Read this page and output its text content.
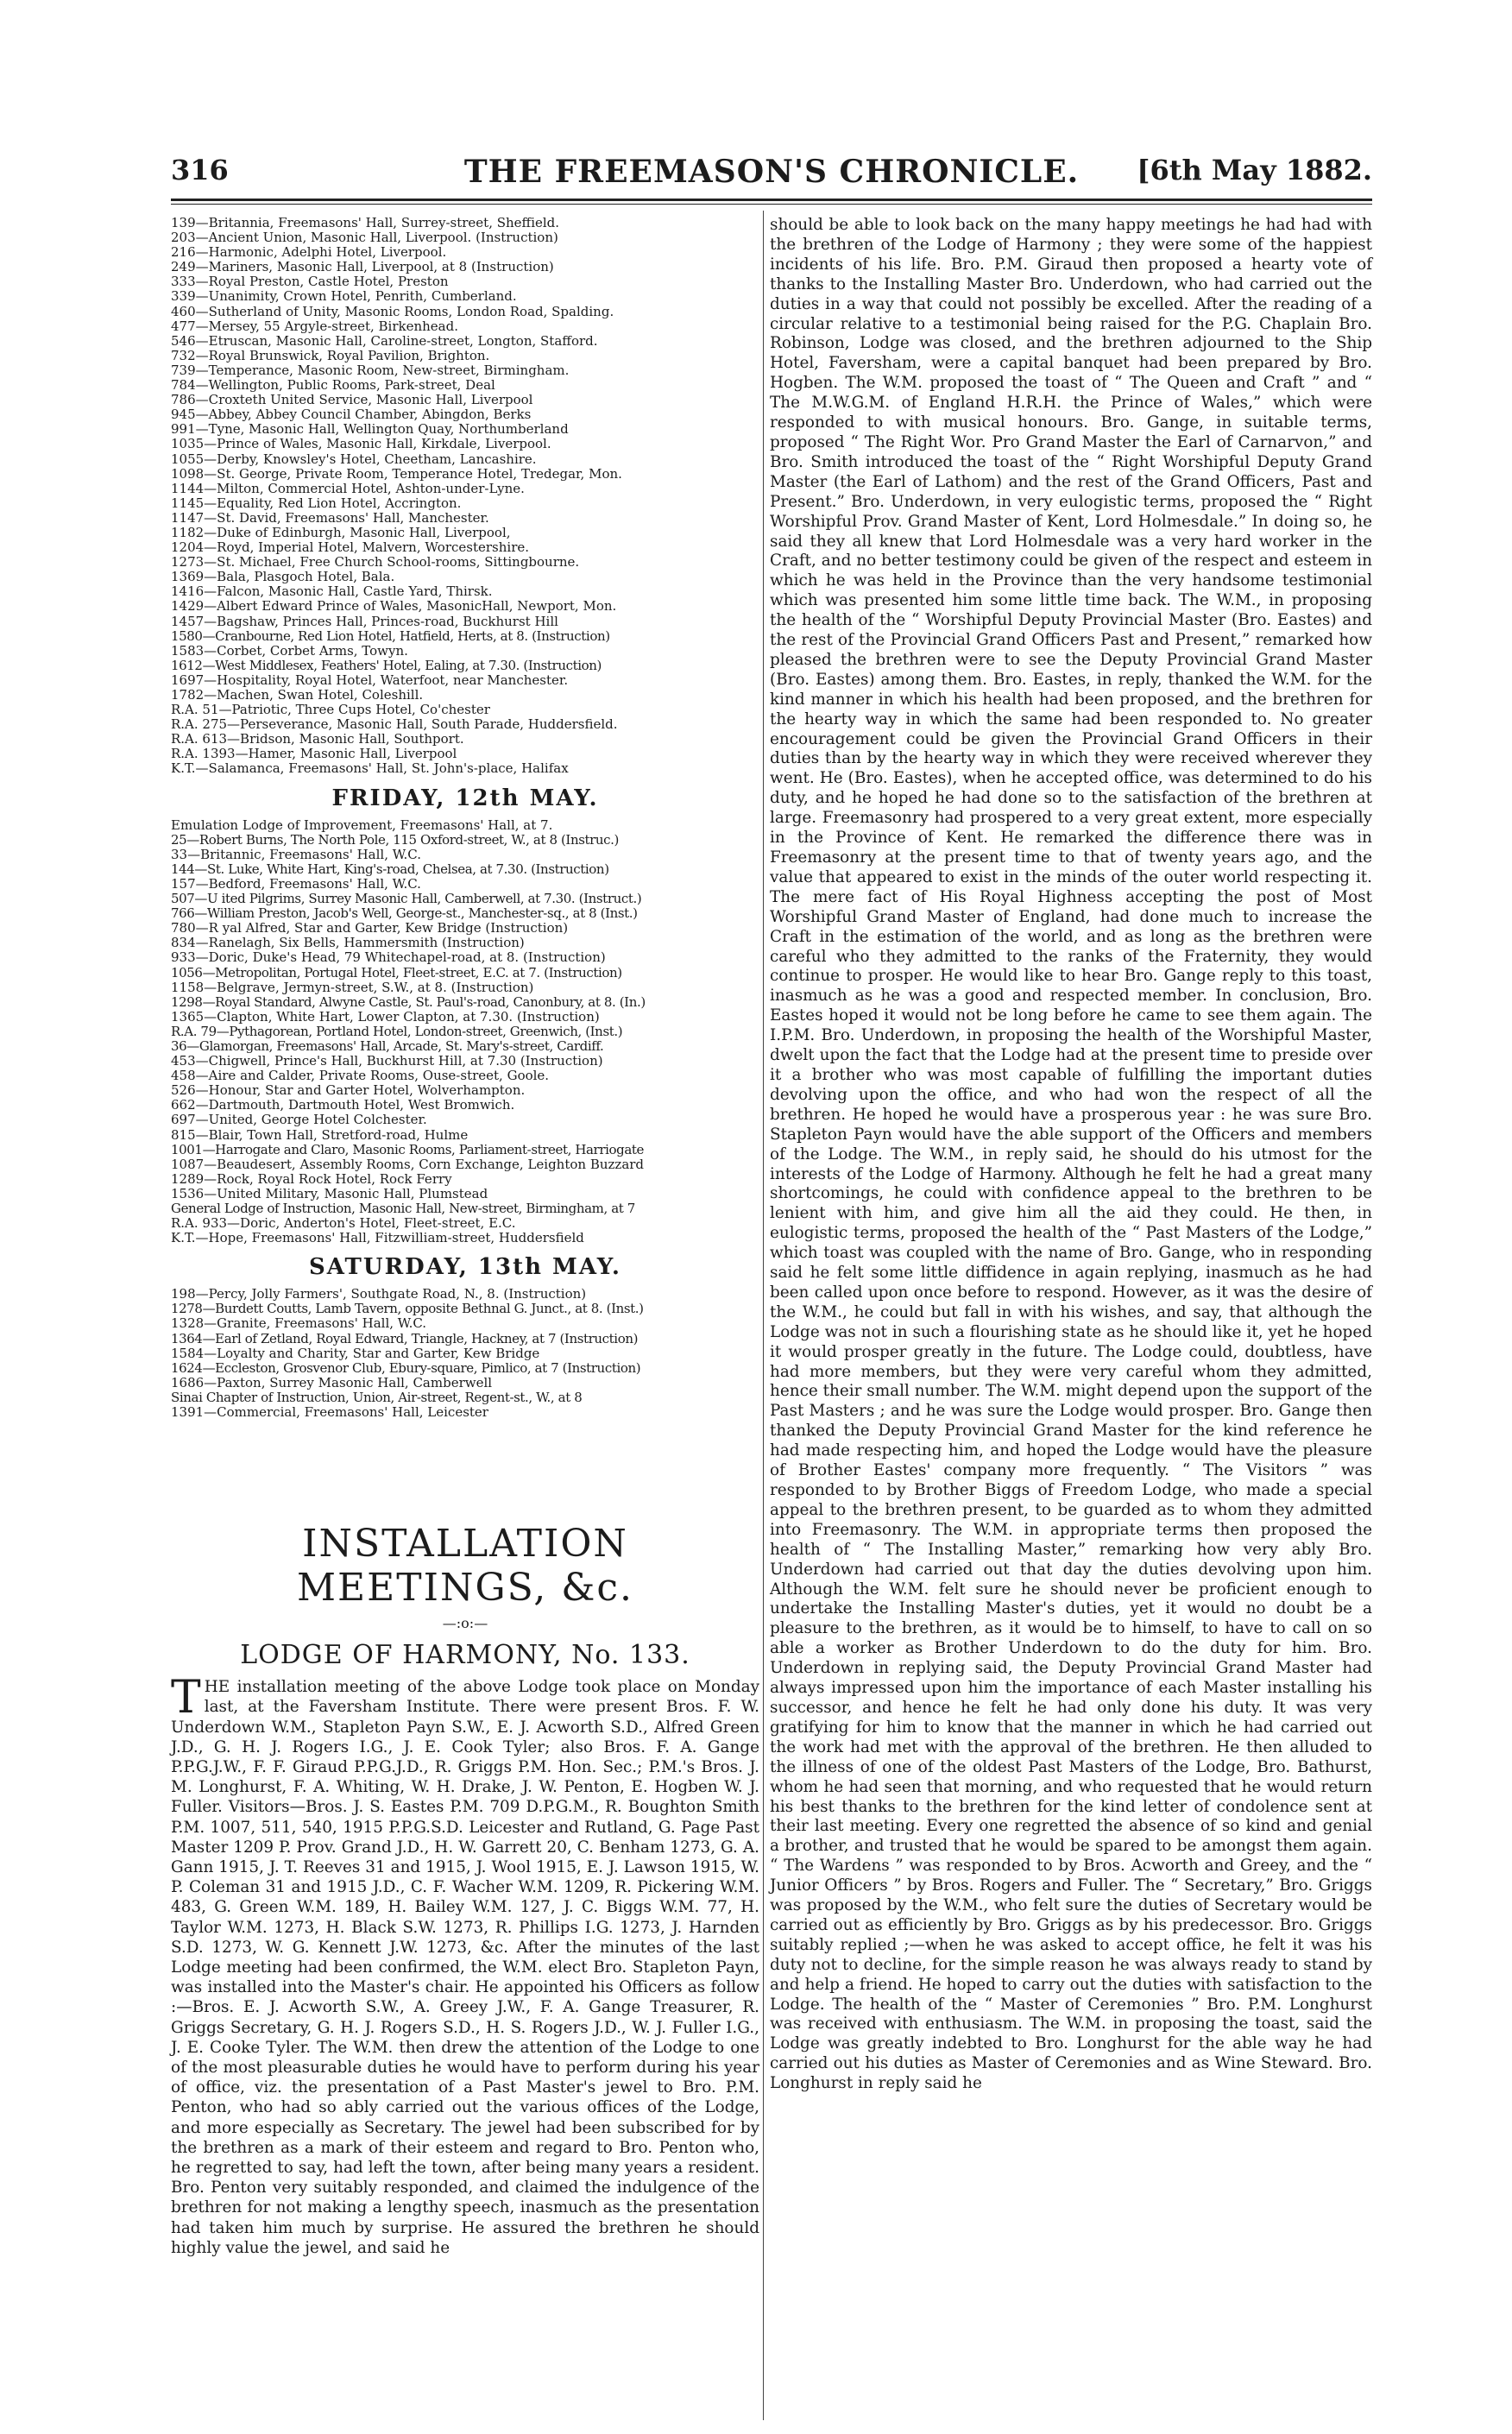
316	THE FREEMASON'S CHRONICLE.	[6th May 1882.
139—Britannia, Freemasons' Hall, Surrey-street, Sheffield.
203—Ancient Union, Masonic Hall, Liverpool. (Instruction)
216—Harmonic, Adelphi Hotel, Liverpool.
249—Mariners, Masonic Hall, Liverpool, at 8 (Instruction)
333—Royal Preston, Castle Hotel, Preston
339—Unanimity, Crown Hotel, Penrith, Cumberland.
460—Sutherland of Unity, Masonic Rooms, London Road, Spalding.
477—Mersey, 55 Argyle-street, Birkenhead.
546—Etruscan, Masonic Hall, Caroline-street, Longton, Stafford.
732—Royal Brunswick, Royal Pavilion, Brighton.
739—Temperance, Masonic Room, New-street, Birmingham.
784—Wellington, Public Rooms, Park-street, Deal
786—Croxteth United Service, Masonic Hall, Liverpool
945—Abbey, Abbey Council Chamber, Abingdon, Berks
991—Tyne, Masonic Hall, Wellington Quay, Northumberland
1035—Prince of Wales, Masonic Hall, Kirkdale, Liverpool.
1055—Derby, Knowsley's Hotel, Cheetham, Lancashire.
1098—St. George, Private Room, Temperance Hotel, Tredegar, Mon.
1144—Milton, Commercial Hotel, Ashton-under-Lyne.
1145—Equality, Red Lion Hotel, Accrington.
1147—St. David, Freemasons' Hall, Manchester.
1182—Duke of Edinburgh, Masonic Hall, Liverpool,
1204—Royd, Imperial Hotel, Malvern, Worcestershire.
1273—St. Michael, Free Church School-rooms, Sittingbourne.
1369—Bala, Plasgoch Hotel, Bala.
1416—Falcon, Masonic Hall, Castle Yard, Thirsk.
1429—Albert Edward Prince of Wales, MasonicHall, Newport, Mon.
1457—Bagshaw, Princes Hall, Princes-road, Buckhurst Hill
1580—Cranbourne, Red Lion Hotel, Hatfield, Herts, at 8. (Instruction)
1583—Corbet, Corbet Arms, Towyn.
1612—West Middlesex, Feathers' Hotel, Ealing, at 7.30. (Instruction)
1697—Hospitality, Royal Hotel, Waterfoot, near Manchester.
1782—Machen, Swan Hotel, Coleshill.
R.A. 51—Patriotic, Three Cups Hotel, Co'chester
R.A. 275—Perseverance, Masonic Hall, South Parade, Huddersfield.
R.A. 613—Bridson, Masonic Hall, Southport.
R.A. 1393—Hamer, Masonic Hall, Liverpool
K.T.—Salamanca, Freemasons' Hall, St. John's-place, Halifax
FRIDAY, 12th MAY.
Emulation Lodge of Improvement, Freemasons' Hall, at 7.
25—Robert Burns, The North Pole, 115 Oxford-street, W., at 8 (Instruc.)
33—Britannic, Freemasons' Hall, W.C.
144—St. Luke, White Hart, King's-road, Chelsea, at 7.30. (Instruction)
157—Bedford, Freemasons' Hall, W.C.
507—U ited Pilgrims, Surrey Masonic Hall, Camberwell, at 7.30. (Instruct.)
766—William Preston, Jacob's Well, George-st., Manchester-sq., at 8 (Inst.)
780—R yal Alfred, Star and Garter, Kew Bridge (Instruction)
834—Ranelagh, Six Bells, Hammersmith (Instruction)
933—Doric, Duke's Head, 79 Whitechapel-road, at 8. (Instruction)
1056—Metropolitan, Portugal Hotel, Fleet-street, E.C. at 7. (Instruction)
1158—Belgrave, Jermyn-street, S.W., at 8. (Instruction)
1298—Royal Standard, Alwyne Castle, St. Paul's-road, Canonbury, at 8. (In.)
1365—Clapton, White Hart, Lower Clapton, at 7.30. (Instruction)
R.A. 79—Pythagorean, Portland Hotel, London-street, Greenwich, (Inst.)
36—Glamorgan, Freemasons' Hall, Arcade, St. Mary's-street, Cardiff.
453—Chigwell, Prince's Hall, Buckhurst Hill, at 7.30 (Instruction)
458—Aire and Calder, Private Rooms, Ouse-street, Goole.
526—Honour, Star and Garter Hotel, Wolverhampton.
662—Dartmouth, Dartmouth Hotel, West Bromwich.
697—United, George Hotel Colchester.
815—Blair, Town Hall, Stretford-road, Hulme
1001—Harrogate and Claro, Masonic Rooms, Parliament-street, Harriogate
1087—Beaudesert, Assembly Rooms, Corn Exchange, Leighton Buzzard
1289—Rock, Royal Rock Hotel, Rock Ferry
1536—United Military, Masonic Hall, Plumstead
General Lodge of Instruction, Masonic Hall, New-street, Birmingham, at 7
R.A. 933—Doric, Anderton's Hotel, Fleet-street, E.C.
K.T.—Hope, Freemasons' Hall, Fitzwilliam-street, Huddersfield
SATURDAY, 13th MAY.
198—Percy, Jolly Farmers', Southgate Road, N., 8. (Instruction)
1278—Burdett Coutts, Lamb Tavern, opposite Bethnal G. Junct., at 8. (Inst.)
1328—Granite, Freemasons' Hall, W.C.
1364—Earl of Zetland, Royal Edward, Triangle, Hackney, at 7 (Instruction)
1584—Loyalty and Charity, Star and Garter, Kew Bridge
1624—Eccleston, Grosvenor Club, Ebury-square, Pimlico, at 7 (Instruction)
1686—Paxton, Surrey Masonic Hall, Camberwell
Sinai Chapter of Instruction, Union, Air-street, Regent-st., W., at 8
1391—Commercial, Freemasons' Hall, Leicester
INSTALLATION MEETINGS, &c.
—:o:—
LODGE OF HARMONY, No. 133.

T HE installation meeting of the above Lodge took place on Monday last, at the Faversham Institute. There were present Bros. F. W. Underdown W.M., Stapleton Payn S.W., E. J. Acworth S.D., Alfred Green J.D., G. H. J. Rogers I.G., J. E. Cook Tyler; also Bros. F. A. Gange P.P.G.J.W., F. F. Giraud P.P.G.J.D., R. Griggs P.M. Hon. Sec.; P.M.'s Bros. J. M. Longhurst, F. A. Whiting, W. H. Drake, J. W. Penton, E. Hogben W. J. Fuller. Visitors—Bros. J. S. Eastes P.M. 709 D.P.G.M., R. Boughton Smith P.M. 1007, 511, 540, 1915 P.P.G.S.D. Leicester and Rutland, G. Page Past Master 1209 P. Prov. Grand J.D., H. W. Garrett 20, C. Benham 1273, G. A. Gann 1915, J. T. Reeves 31 and 1915, J. Wool 1915, E. J. Lawson 1915, W. P. Coleman 31 and 1915 J.D., C. F. Wacher W.M. 1209, R. Pickering W.M. 483, G. Green W.M. 189, H. Bailey W.M. 127, J. C. Biggs W.M. 77, H. Taylor W.M. 1273, H. Black S.W. 1273, R. Phillips I.G. 1273, J. Harnden S.D. 1273, W. G. Kennett J.W. 1273, &c. After the minutes of the last Lodge meeting had been confirmed, the W.M. elect Bro. Stapleton Payn, was installed into the Master's chair. He appointed his Officers as follow :—Bros. E. J. Acworth S.W., A. Greey J.W., F. A. Gange Treasurer, R. Griggs Secretary, G. H. J. Rogers S.D., H. S. Rogers J.D., W. J. Fuller I.G., J. E. Cooke Tyler. The W.M. then drew the attention of the Lodge to one of the most pleasurable duties he would have to perform during his year of office, viz. the presentation of a Past Master's jewel to Bro. P.M. Penton, who had so ably carried out the various offices of the Lodge, and more especially as Secretary. The jewel had been subscribed for by the brethren as a mark of their esteem and regard to Bro. Penton who, he regretted to say, had left the town, after being many years a resident. Bro. Penton very suitably responded, and claimed the indulgence of the brethren for not making a lengthy speech, inasmuch as the presentation had taken him much by surprise. He assured the brethren he should highly value the jewel, and said he

should be able to look back on the many happy meetings he had had with the brethren of the Lodge of Harmony ; they were some of the happiest incidents of his life. Bro. P.M. Giraud then proposed a hearty vote of thanks to the Installing Master Bro. Underdown, who had carried out the duties in a way that could not possibly be excelled. After the reading of a circular relative to a testimonial being raised for the P.G. Chaplain Bro. Robinson, Lodge was closed, and the brethren adjourned to the Ship Hotel, Faversham, were a capital banquet had been prepared by Bro. Hogben. The W.M. proposed the toast of “ The Queen and Craft ” and “ The M.W.G.M. of England H.R.H. the Prince of Wales,” which were responded to with musical honours. Bro. Gange, in suitable terms, proposed “ The Right Wor. Pro Grand Master the Earl of Carnarvon,” and Bro. Smith introduced the toast of the “ Right Worshipful Deputy Grand Master (the Earl of Lathom) and the rest of the Grand Officers, Past and Present.” Bro. Underdown, in very eulogistic terms, proposed the “ Right Worshipful Prov. Grand Master of Kent, Lord Holmesdale.” In doing so, he said they all knew that Lord Holmesdale was a very hard worker in the Craft, and no better testimony could be given of the respect and esteem in which he was held in the Province than the very handsome testimonial which was presented him some little time back. The W.M., in proposing the health of the “ Worshipful Deputy Provincial Master (Bro. Eastes) and the rest of the Provincial Grand Officers Past and Present,” remarked how pleased the brethren were to see the Deputy Provincial Grand Master (Bro. Eastes) among them. Bro. Eastes, in reply, thanked the W.M. for the kind manner in which his health had been proposed, and the brethren for the hearty way in which the same had been responded to. No greater encouragement could be given the Provincial Grand Officers in their duties than by the hearty way in which they were received wherever they went. He (Bro. Eastes), when he accepted office, was determined to do his duty, and he hoped he had done so to the satisfaction of the brethren at large. Freemasonry had prospered to a very great extent, more especially in the Province of Kent. He remarked the difference there was in Freemasonry at the present time to that of twenty years ago, and the value that appeared to exist in the minds of the outer world respecting it. The mere fact of His Royal Highness accepting the post of Most Worshipful Grand Master of England, had done much to increase the Craft in the estimation of the world, and as long as the brethren were careful who they admitted to the ranks of the Fraternity, they would continue to prosper. He would like to hear Bro. Gange reply to this toast, inasmuch as he was a good and respected member. In conclusion, Bro. Eastes hoped it would not be long before he came to see them again. The I.P.M. Bro. Underdown, in proposing the health of the Worshipful Master, dwelt upon the fact that the Lodge had at the present time to preside over it a brother who was most capable of fulfilling the important duties devolving upon the office, and who had won the respect of all the brethren. He hoped he would have a prosperous year : he was sure Bro. Stapleton Payn would have the able support of the Officers and members of the Lodge. The W.M., in reply said, he should do his utmost for the interests of the Lodge of Harmony. Although he felt he had a great many shortcomings, he could with confidence appeal to the brethren to be lenient with him, and give him all the aid they could. He then, in eulogistic terms, proposed the health of the “ Past Masters of the Lodge,” which toast was coupled with the name of Bro. Gange, who in responding said he felt some little diffidence in again replying, inasmuch as he had been called upon once before to respond. However, as it was the desire of the W.M., he could but fall in with his wishes, and say, that although the Lodge was not in such a flourishing state as he should like it, yet he hoped it would prosper greatly in the future. The Lodge could, doubtless, have had more members, but they were very careful whom they admitted, hence their small number. The W.M. might depend upon the support of the Past Masters ; and he was sure the Lodge would prosper. Bro. Gange then thanked the Deputy Provincial Grand Master for the kind reference he had made respecting him, and hoped the Lodge would have the pleasure of Brother Eastes' company more frequently. “ The Visitors ” was responded to by Brother Biggs of Freedom Lodge, who made a special appeal to the brethren present, to be guarded as to whom they admitted into Freemasonry. The W.M. in appropriate terms then proposed the health of “ The Installing Master,” remarking how very ably Bro. Underdown had carried out that day the duties devolving upon him. Although the W.M. felt sure he should never be proficient enough to undertake the Installing Master's duties, yet it would no doubt be a pleasure to the brethren, as it would be to himself, to have to call on so able a worker as Brother Underdown to do the duty for him. Bro. Underdown in replying said, the Deputy Provincial Grand Master had always impressed upon him the importance of each Master installing his successor, and hence he felt he had only done his duty. It was very gratifying for him to know that the manner in which he had carried out the work had met with the approval of the brethren. He then alluded to the illness of one of the oldest Past Masters of the Lodge, Bro. Bathurst, whom he had seen that morning, and who requested that he would return his best thanks to the brethren for the kind letter of condolence sent at their last meeting. Every one regretted the absence of so kind and genial a brother, and trusted that he would be spared to be amongst them again. “ The Wardens ” was responded to by Bros. Acworth and Greey, and the “ Junior Officers ” by Bros. Rogers and Fuller. The “ Secretary,” Bro. Griggs was proposed by the W.M., who felt sure the duties of Secretary would be carried out as efficiently by Bro. Griggs as by his predecessor. Bro. Griggs suitably replied ;—when he was asked to accept office, he felt it was his duty not to decline, for the simple reason he was always ready to stand by and help a friend. He hoped to carry out the duties with satisfaction to the Lodge. The health of the “ Master of Ceremonies ” Bro. P.M. Longhurst was received with enthusiasm. The W.M. in proposing the toast, said the Lodge was greatly indebted to Bro. Longhurst for the able way he had carried out his duties as Master of Ceremonies and as Wine Steward. Bro. Longhurst in reply said he
